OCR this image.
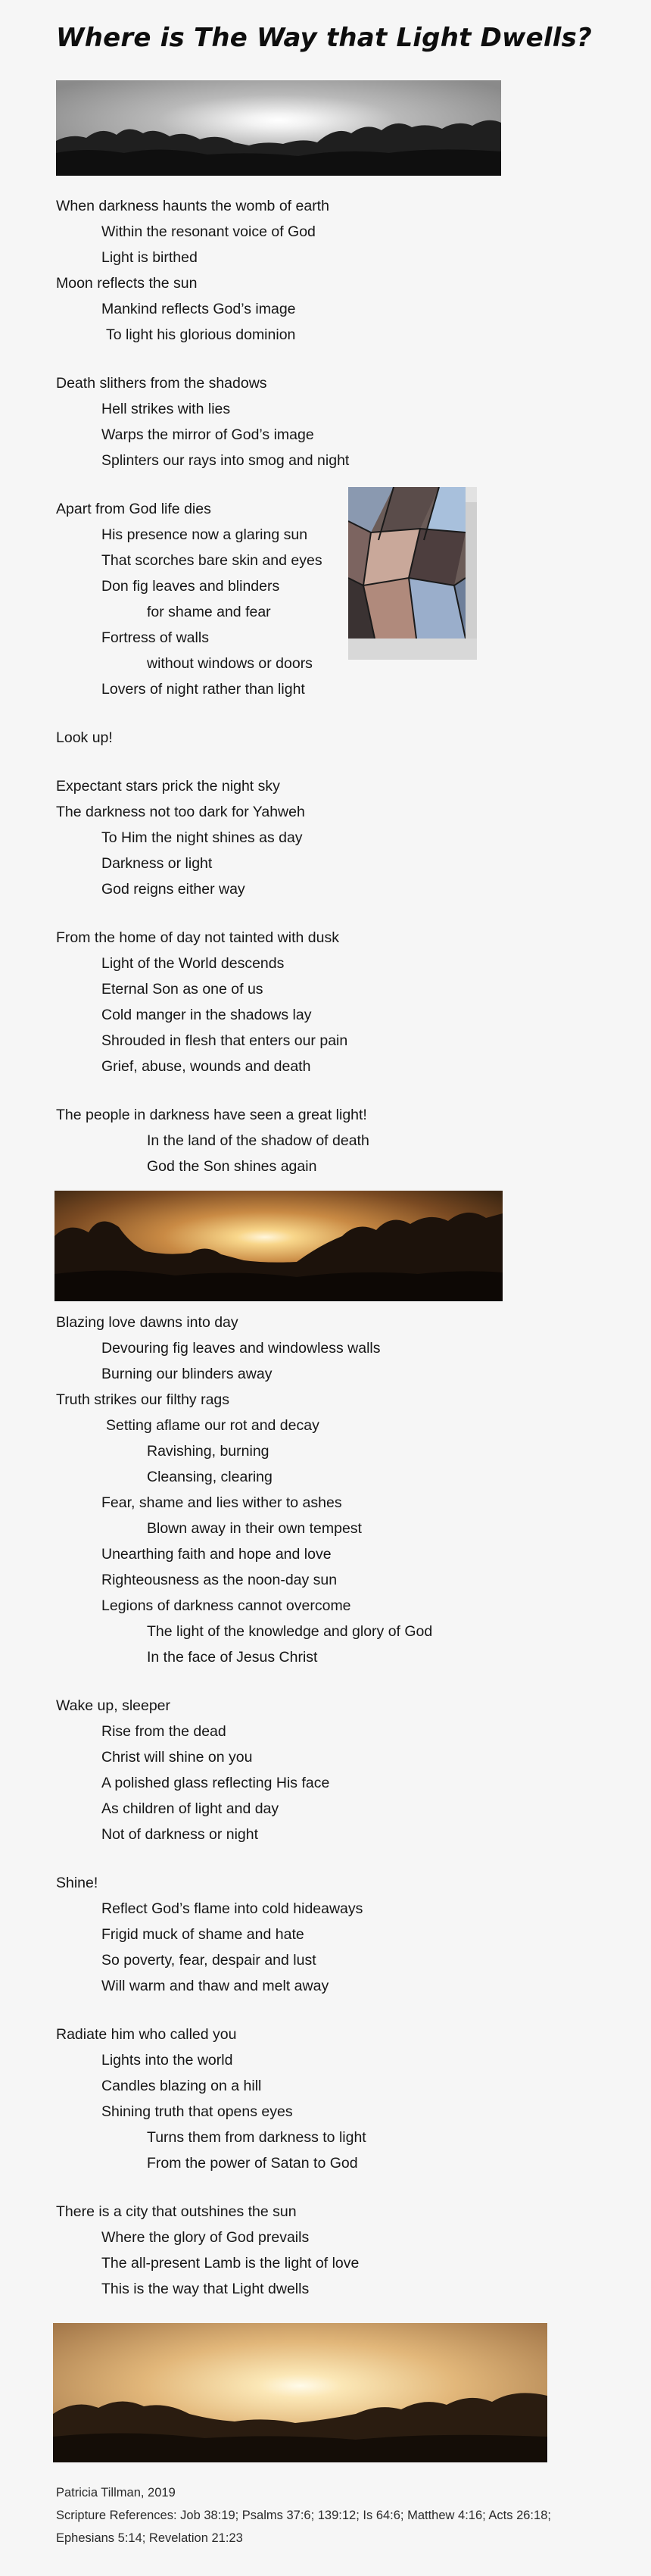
Where is The Way that Light Dwells?
When darkness haunts the womb of earth
Within the resonant voice of God
Light is birthed
Moon reflects the sun
Mankind reflects God’s image
To light his glorious dominion
Death slithers from the shadows
Hell strikes with lies
Warps the mirror of God’s image
Splinters our rays into smog and night
Apart from God life dies
His presence now a glaring sun
That scorches bare skin and eyes
Don fig leaves and blinders
for shame and fear
Fortress of walls
without windows or doors
Lovers of night rather than light
Look up!
Expectant stars prick the night sky
The darkness not too dark for Yahweh
To Him the night shines as day
Darkness or light
God reigns either way
From the home of day not tainted with dusk
Light of the World descends
Eternal Son as one of us
Cold manger in the shadows lay
Shrouded in flesh that enters our pain
Grief, abuse, wounds and death
The people in darkness have seen a great light!
In the land of the shadow of death
God the Son shines again
Blazing love dawns into day
Devouring fig leaves and windowless walls
Burning our blinders away
Truth strikes our filthy rags
Setting aflame our rot and decay
Ravishing, burning
Cleansing, clearing
Fear, shame and lies wither to ashes
Blown away in their own tempest
Unearthing faith and hope and love
Righteousness as the noon-day sun
Legions of darkness cannot overcome
The light of the knowledge and glory of God
In the face of Jesus Christ
Wake up, sleeper
Rise from the dead
Christ will shine on you
A polished glass reflecting His face
As children of light and day
Not of darkness or night
Shine!
Reflect God’s flame into cold hideaways
Frigid muck of shame and hate
So poverty, fear, despair and lust
Will warm and thaw and melt away
Radiate him who called you
Lights into the world
Candles blazing on a hill
Shining truth that opens eyes
Turns them from darkness to light
From the power of Satan to God
There is a city that outshines the sun
Where the glory of God prevails
The all-present Lamb is the light of love
This is the way that Light dwells
Patricia Tillman, 2019
Scripture References: Job 38:19; Psalms 37:6; 139:12; Is 64:6; Matthew 4:16; Acts 26:18;
Ephesians 5:14; Revelation 21:23
